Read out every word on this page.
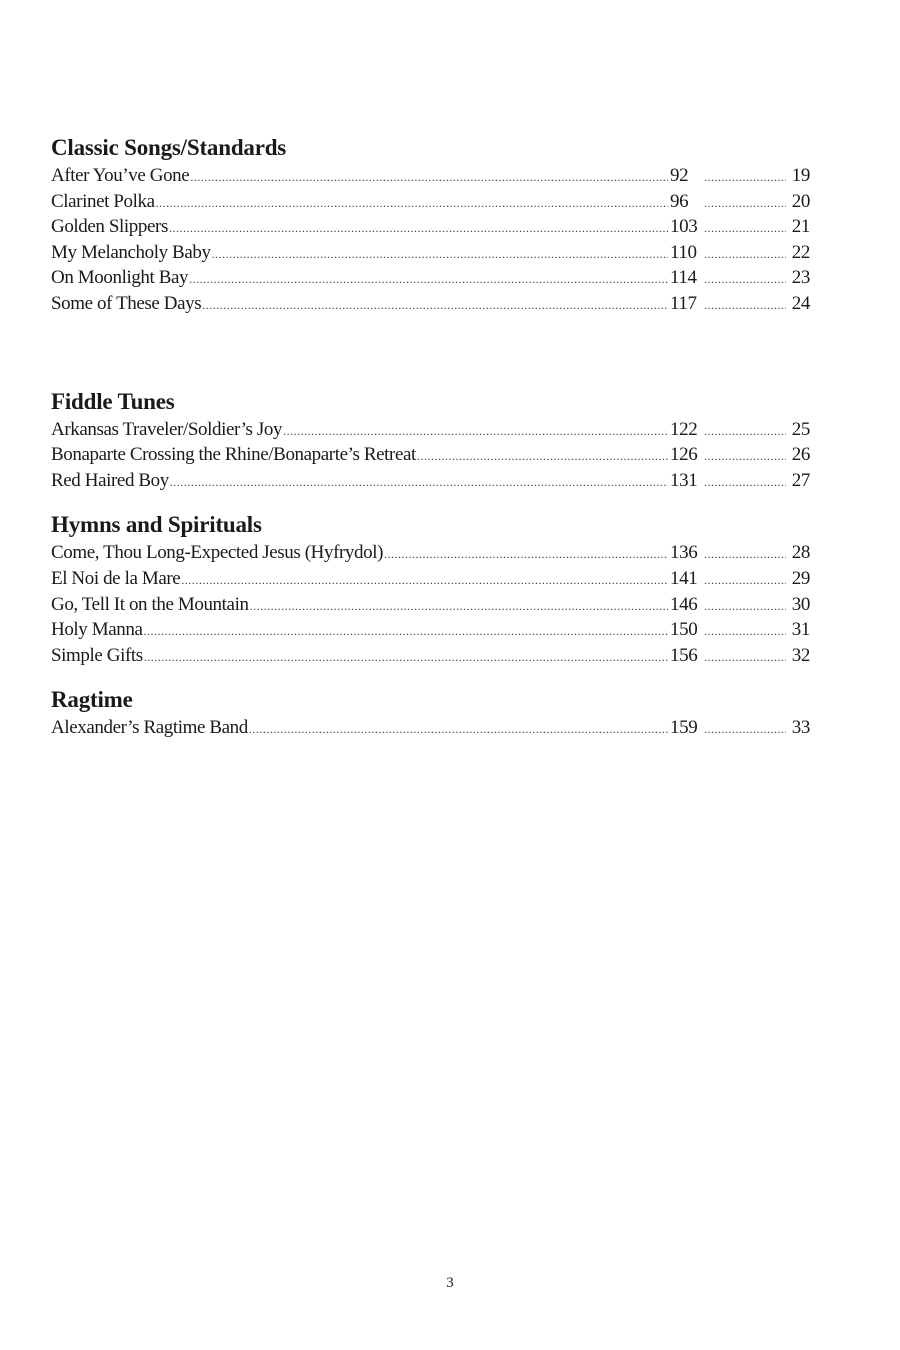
Classic Songs/Standards
After You’ve Gone .....	92 .....	19
Clarinet Polka .....	96 .....	20
Golden Slippers .....	103 .....	21
My Melancholy Baby .....	110 .....	22
On Moonlight Bay .....	114 .....	23
Some of These Days .....	117 .....	24
Fiddle Tunes
Arkansas Traveler/Soldier’s Joy .....	122 .....	25
Bonaparte Crossing the Rhine/Bonaparte’s Retreat .....	126 .....	26
Red Haired Boy .....	131 .....	27
Hymns and Spirituals
Come, Thou Long-Expected Jesus (Hyfrydol) .....	136 .....	28
El Noi de la Mare .....	141 .....	29
Go, Tell It on the Mountain .....	146 .....	30
Holy Manna .....	150 .....	31
Simple Gifts .....	156 .....	32
Ragtime
Alexander’s Ragtime Band .....	159 .....	33
3
